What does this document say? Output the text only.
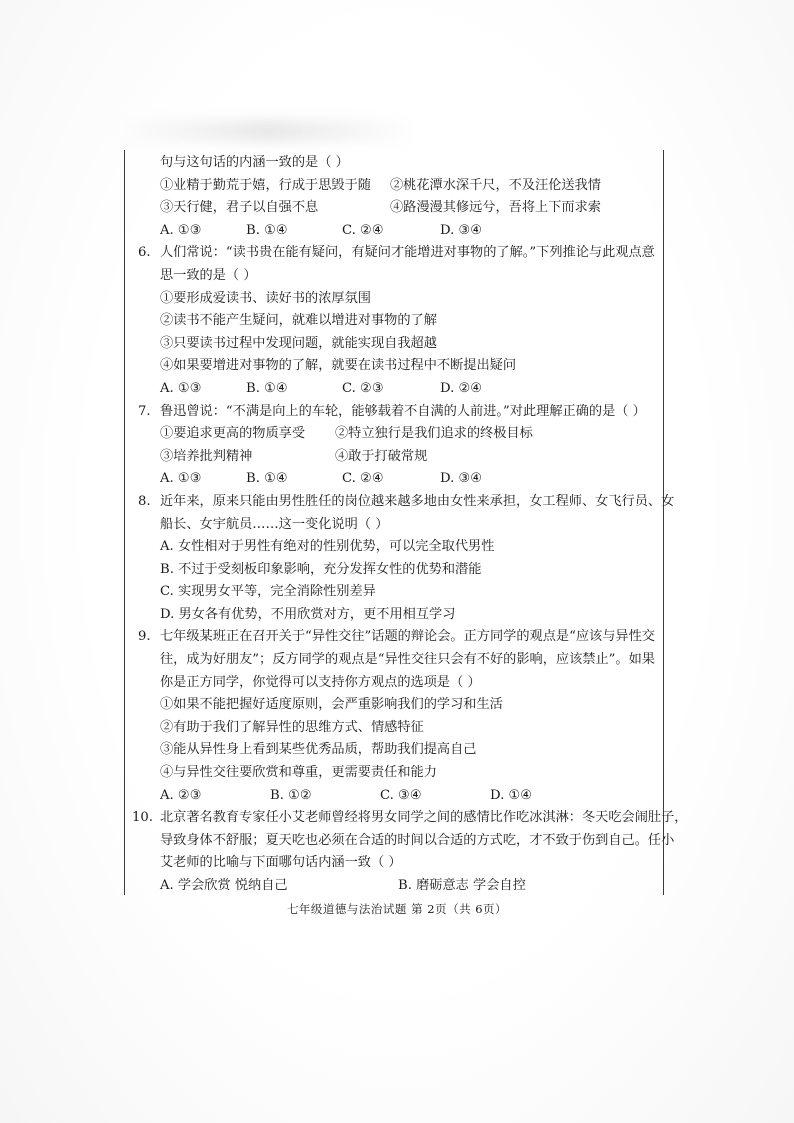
句与这句话的内涵一致的是（ ）
①业精于勤荒于嬉，行成于思毁于随	②桃花潭水深千尺，不及汪伦送我情
③天行健，君子以自强不息	④路漫漫其修远兮，吾将上下而求索
A. ①③	B. ①④	C. ②④	D. ③④
6. 人们常说：“读书贵在能有疑问，有疑问才能增进对事物的了解。”下列推论与此观点意
思一致的是（ ）
①要形成爱读书、读好书的浓厚氛围
②读书不能产生疑问，就难以增进对事物的了解
③只要读书过程中发现问题，就能实现自我超越
④如果要增进对事物的了解，就要在读书过程中不断提出疑问
A. ①③	B. ①④	C. ②③	D. ②④
7. 鲁迅曾说：“不满是向上的车轮，能够载着不自满的人前进。”对此理解正确的是（ ）
①要追求更高的物质享受	②特立独行是我们追求的终极目标
③培养批判精神	④敢于打破常规
A. ①③	B. ①④	C. ②④	D. ③④
8. 近年来，原来只能由男性胜任的岗位越来越多地由女性来承担，女工程师、女飞行员、女
船长、女宇航员……这一变化说明（ ）
A. 女性相对于男性有绝对的性别优势，可以完全取代男性
B. 不过于受刻板印象影响，充分发挥女性的优势和潜能
C. 实现男女平等，完全消除性别差异
D. 男女各有优势，不用欣赏对方，更不用相互学习
9. 七年级某班正在召开关于“异性交往”话题的辩论会。正方同学的观点是“应该与异性交
往，成为好朋友”；反方同学的观点是“异性交往只会有不好的影响，应该禁止”。如果
你是正方同学，你觉得可以支持你方观点的选项是（ ）
①如果不能把握好适度原则，会严重影响我们的学习和生活
②有助于我们了解异性的思维方式、情感特征
③能从异性身上看到某些优秀品质，帮助我们提高自己
④与异性交往要欣赏和尊重，更需要责任和能力
A. ②③	B. ①②	C. ③④	D. ①④
10. 北京著名教育专家任小艾老师曾经将男女同学之间的感情比作吃冰淇淋：冬天吃会闹肚子，
导致身体不舒服；夏天吃也必须在合适的时间以合适的方式吃，才不致于伤到自己。任小
艾老师的比喻与下面哪句话内涵一致（ ）
A. 学会欣赏 悦纳自己	B. 磨砺意志 学会自控
七年级道德与法治试题 第 2页（共 6页）
